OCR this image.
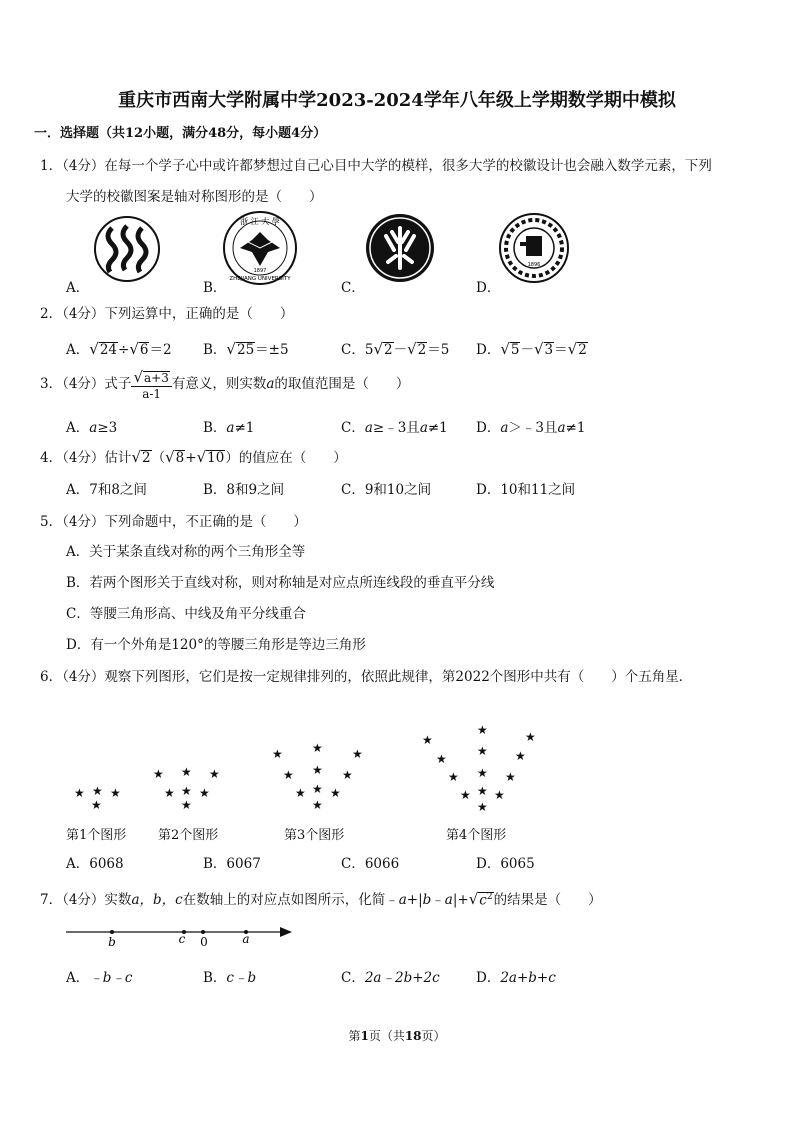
重庆市西南大学附属中学2023-2024学年八年级上学期数学期中模拟
一．选择题（共12小题，满分48分，每小题4分）
1．（4分）在每一个学子心中或许都梦想过自己心目中大学的模样，很多大学的校徽设计也会融入数学元素，下列
大学的校徽图案是轴对称图形的是（　　）
A．
浙 江 大 學
1897
ZHEJIANG UNIVERSITY
B．	C．
1896
D．
2．（4分）下列运算中，正确的是（　　）
A．√24÷√6＝2 B．√25＝±5	C．5√2－√2＝5 D．√5－√3＝√2
3．（4分）式子 $\frac{√a+3}{a-1}$ 有意义，则实数a的取值范围是（　　）
A．a≥3	B．a≠1	C．a≥﹣3且a≠1 D．a＞﹣3且a≠1
4．（4分）估计√2（√8+√10）的值应在（　　）
A．7和8之间	B．8和9之间	C．9和10之间	D．10和11之间
5．（4分）下列命题中，不正确的是（　　）
A．关于某条直线对称的两个三角形全等
B．若两个图形关于直线对称，则对称轴是对应点所连线段的垂直平分线
C．等腰三角形高、中线及角平分线重合
D．有一个外角是120°的等腰三角形是等边三角形
6．（4分）观察下列图形，它们是按一定规律排列的，依照此规律，第2022个图形中共有（　　）个五角星．
★ ★ ★
★
★ ★ ★
★ ★ ★
★
★ ★ ★
★ ★ ★
★ ★ ★
★
★
★	★
★
★ ★
★ ★ ★
★ ★ ★
★
第1个图形 第2个图形	第3个图形	第4个图形
A．6068	B．6067	C．6066	D．6065
7．（4分）实数a，b，c在数轴上的对应点如图所示，化简$﹣a+|b﹣a|+√c^2$的结果是（　　）
b	c 0	a
A．﹣b﹣c	B．c﹣b	C．2a﹣2b+2c	D．2a+b+c
第1页（共18页）
